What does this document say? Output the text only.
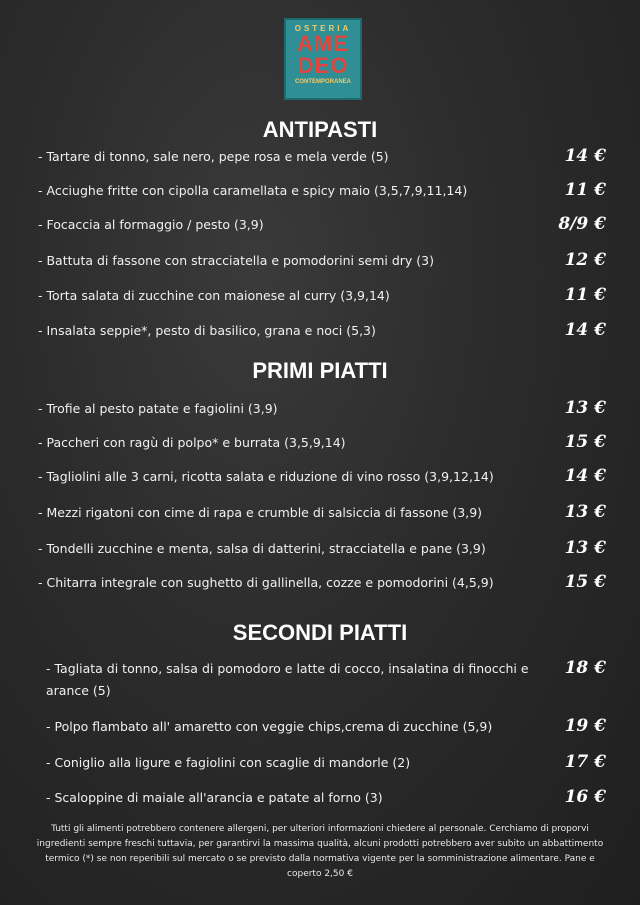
OSTERIA
AME
DEO
CONTEMPORANEA
ANTIPASTI
- Tartare di tonno, sale nero, pepe rosa e mela verde (5)	14 €
- Acciughe fritte con cipolla caramellata e spicy maio (3,5,7,9,11,14)	11 €
- Focaccia al formaggio / pesto (3,9)	8/9 €
- Battuta di fassone con stracciatella e pomodorini semi dry (3)	12 €
- Torta salata di zucchine con maionese al curry (3,9,14)	11 €
- Insalata seppie*, pesto di basilico, grana e noci (5,3)	14 €
PRIMI PIATTI
- Trofie al pesto patate e fagiolini (3,9)	13 €
- Paccheri con ragù di polpo* e burrata (3,5,9,14)	15 €
- Tagliolini alle 3 carni, ricotta salata e riduzione di vino rosso (3,9,12,14)	14 €
- Mezzi rigatoni con cime di rapa e crumble di salsiccia di fassone (3,9)	13 €
- Tondelli zucchine e menta, salsa di datterini, stracciatella e pane (3,9)	13 €
- Chitarra integrale con sughetto di gallinella, cozze e pomodorini (4,5,9)	15 €
SECONDI PIATTI
- Tagliata di tonno, salsa di pomodoro e latte di cocco, insalatina di finocchi e arance (5)
18 €
- Polpo flambato all' amaretto con veggie chips,crema di zucchine (5,9)	19 €
- Coniglio alla ligure e fagiolini con scaglie di mandorle (2)	17 €
- Scaloppine di maiale all'arancia e patate al forno (3)	16 €
Tutti gli alimenti potrebbero contenere allergeni, per ulteriori informazioni chiedere al personale. Cerchiamo di proporvi ingredienti sempre freschi tuttavia, per garantirvi la massima qualità, alcuni prodotti potrebbero aver subito un abbattimento termico (*) se non reperibili sul mercato o se previsto dalla normativa vigente per la somministrazione alimentare. Pane e coperto 2,50 €
